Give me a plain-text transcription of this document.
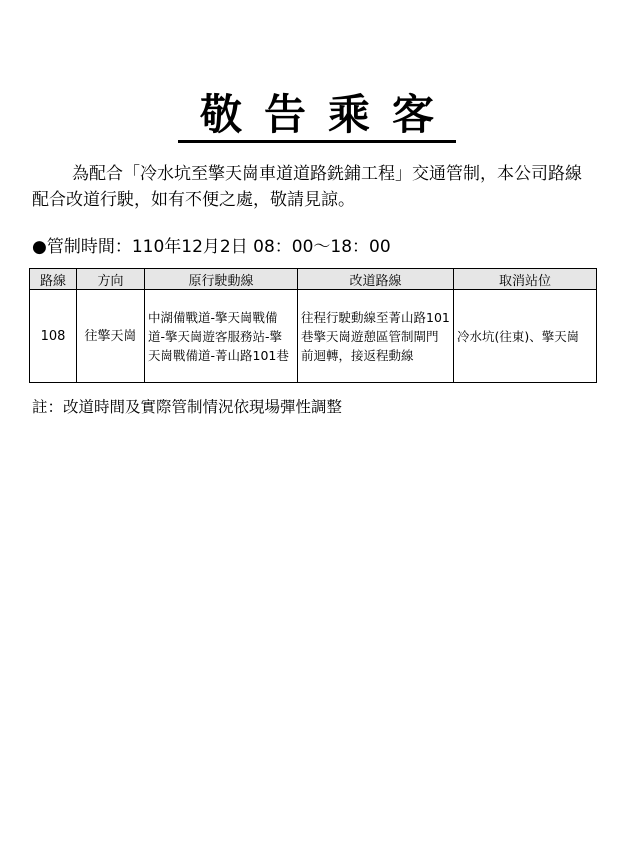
敬告乘客

為配合「冷水坑至擎天崗車道道路銑鋪工程」交通管制，本公司路線配合改道行駛，如有不便之處，敬請見諒。

●管制時間：110年12月2日 08：00～18：00
路線	方向	原行駛動線	改道路線	取消站位
108	往擎天崗	中湖備戰道-擎天崗戰備道-擎天崗遊客服務站-擎天崗戰備道-菁山路101巷	往程行駛動線至菁山路101巷擎天崗遊憩區管制閘門前迴轉，接返程動線	冷水坑(往東)、擎天崗
註：改道時間及實際管制情況依現場彈性調整
